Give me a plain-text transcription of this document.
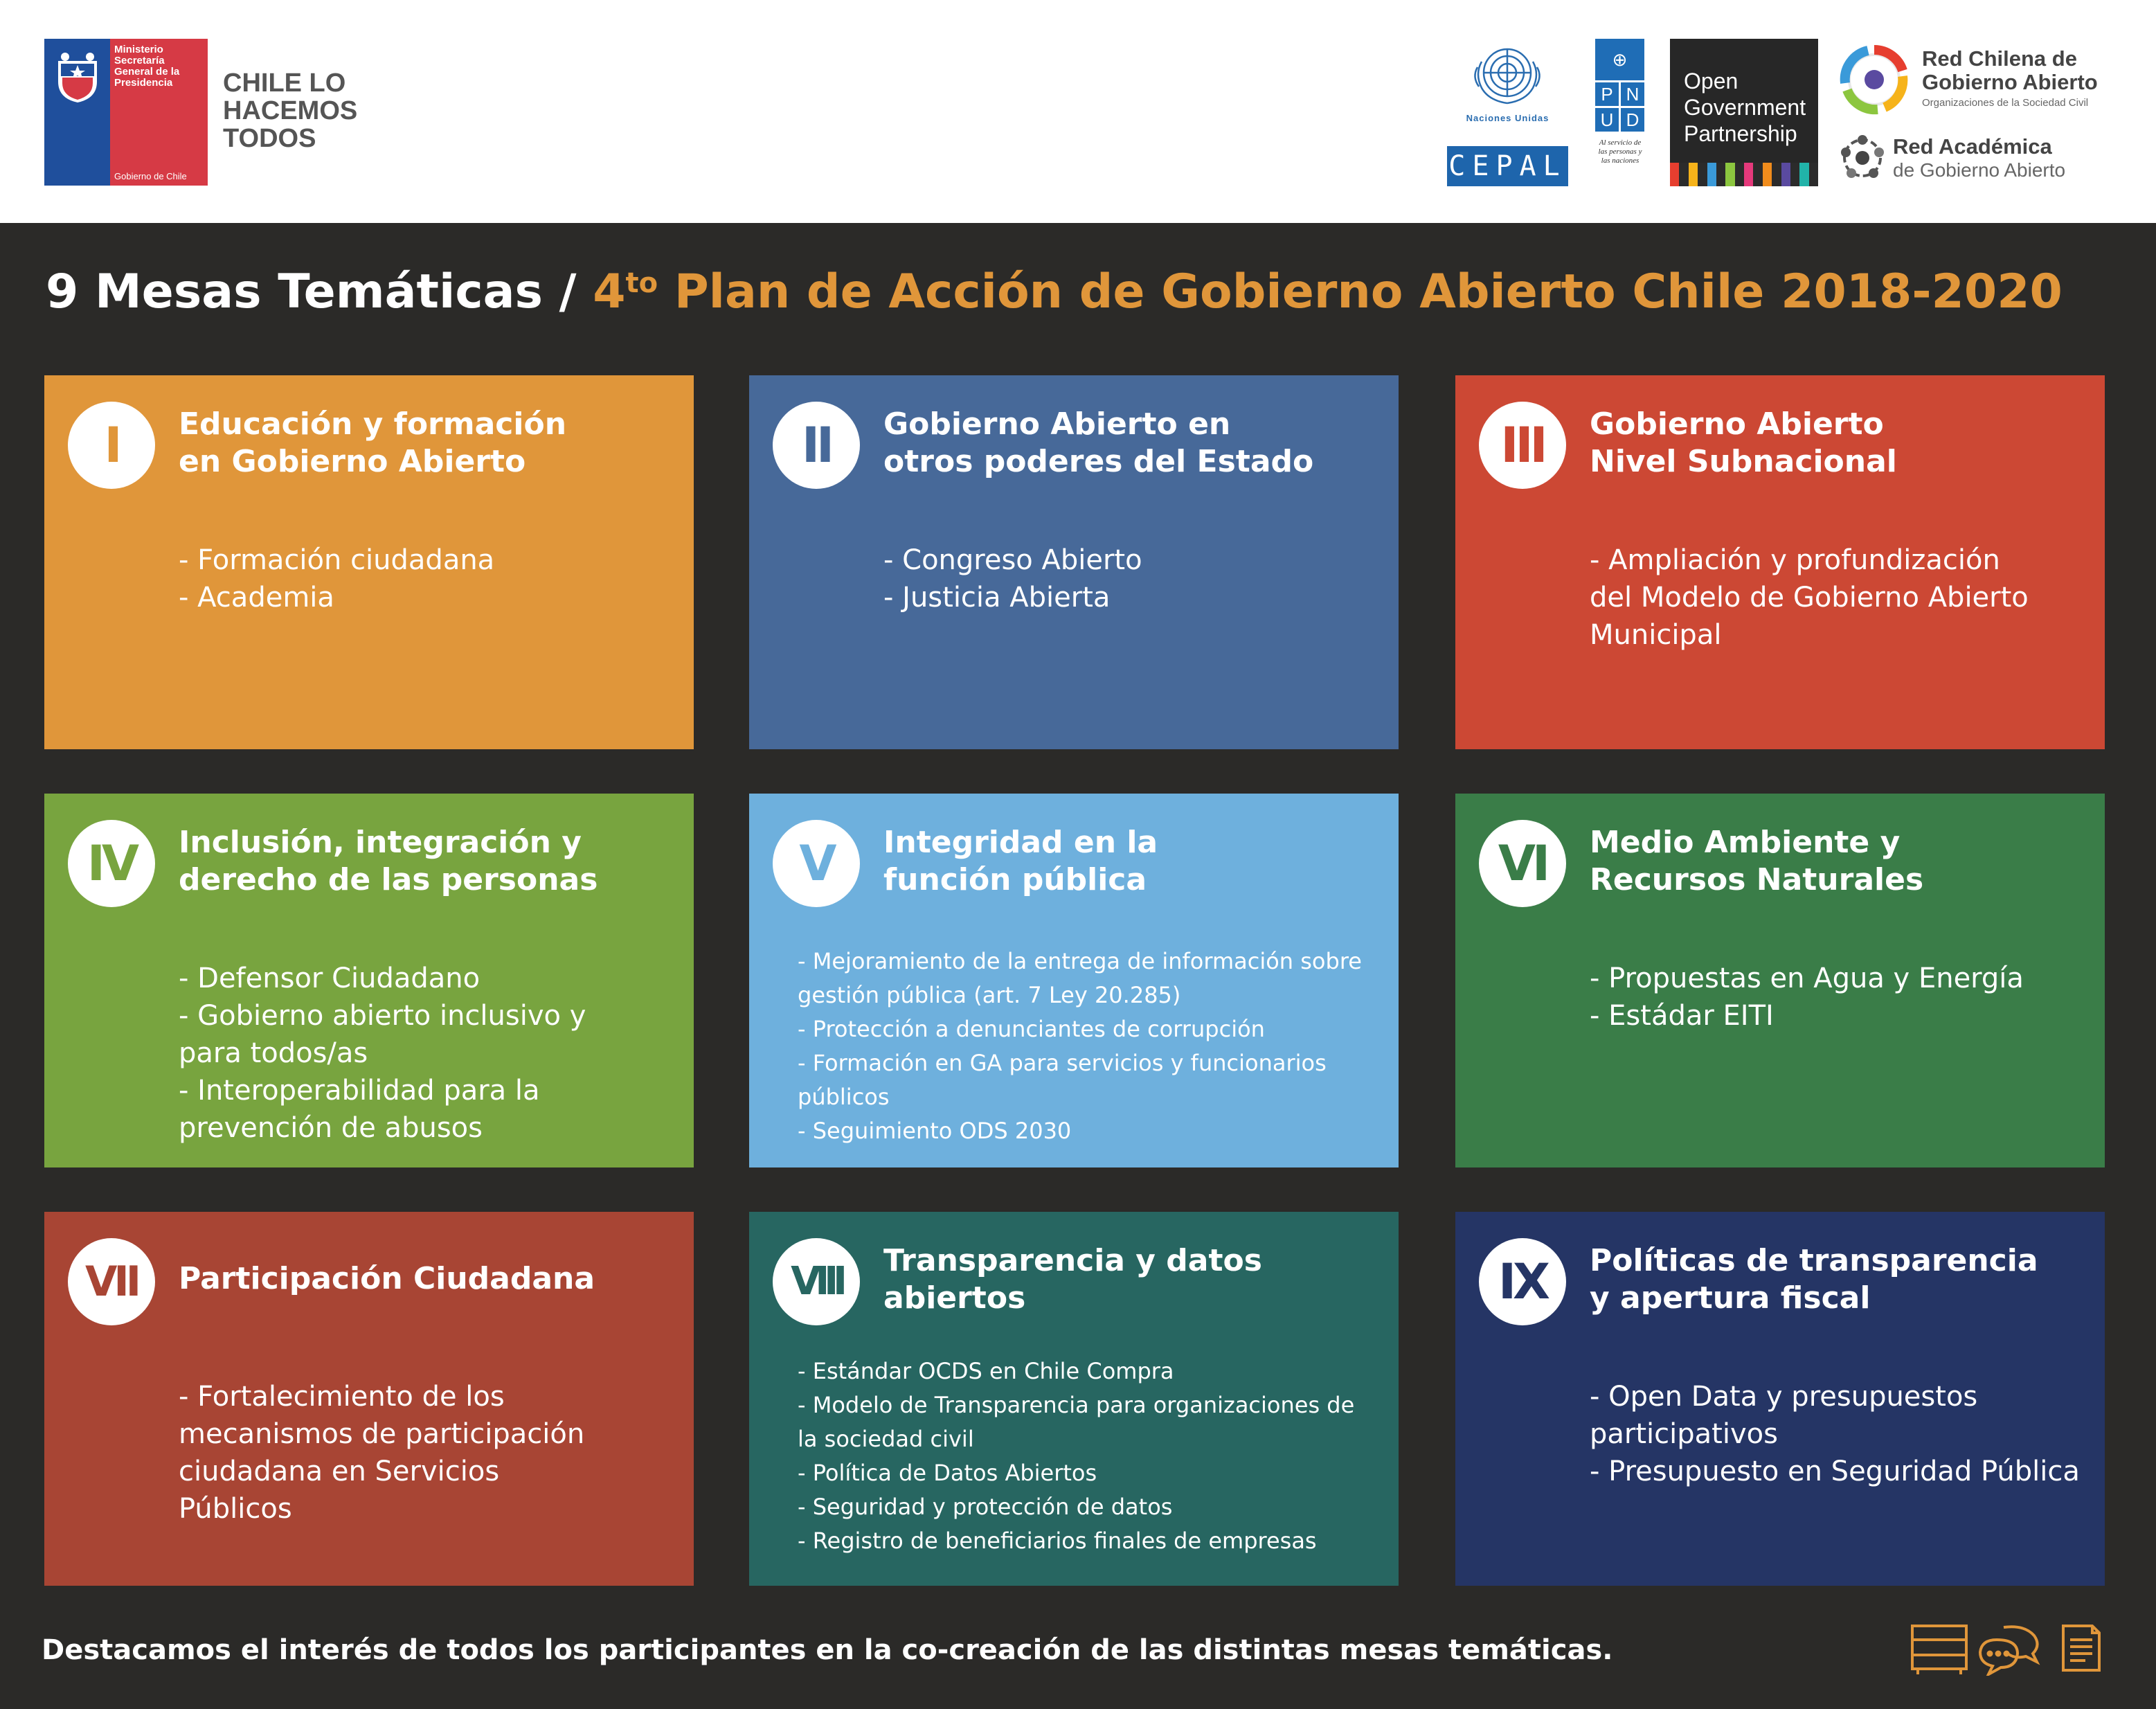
Ministerio Secretaría General de la Presidencia
Gobierno de Chile
CHILE LO HACEMOS TODOS
Naciones Unidas
CEPAL
⊕
P N
U D
Al servicio de las personas y las naciones
Open Government Partnership
Red Chilena de Gobierno Abierto
Organizaciones de la Sociedad Civil
Red Académica
de Gobierno Abierto
9 Mesas Temáticas / $4^{to}$ Plan de Acción de Gobierno Abierto Chile 2018-2020
I	Educación y formación en Gobierno Abierto
- Formación ciudadana
- Academia
II	Gobierno Abierto en otros poderes del Estado
- Congreso Abierto
- Justicia Abierta
III	Gobierno Abierto Nivel Subnacional
- Ampliación y profundización del Modelo de Gobierno Abierto Municipal
IV	Inclusión, integración y derecho de las personas
- Defensor Ciudadano
- Gobierno abierto inclusivo y para todos/as
- Interoperabilidad para la prevención de abusos
V	Integridad en la función pública
- Mejoramiento de la entrega de información sobre gestión pública (art. 7 Ley 20.285)
- Protección a denunciantes de corrupción
- Formación en GA para servicios y funcionarios públicos
- Seguimiento ODS 2030
VI	Medio Ambiente y Recursos Naturales
- Propuestas en Agua y Energía
- Estádar EITI
VII	Participación Ciudadana
- Fortalecimiento de los mecanismos de participación ciudadana en Servicios Públicos
VIII	Transparencia y datos abiertos
- Estándar OCDS en Chile Compra
- Modelo de Transparencia para organizaciones de la sociedad civil
- Política de Datos Abiertos
- Seguridad y protección de datos
- Registro de beneficiarios finales de empresas
IX	Políticas de transparencia y apertura fiscal
- Open Data y presupuestos participativos
- Presupuesto en Seguridad Pública
Destacamos el interés de todos los participantes en la co-creación de las distintas mesas temáticas.
